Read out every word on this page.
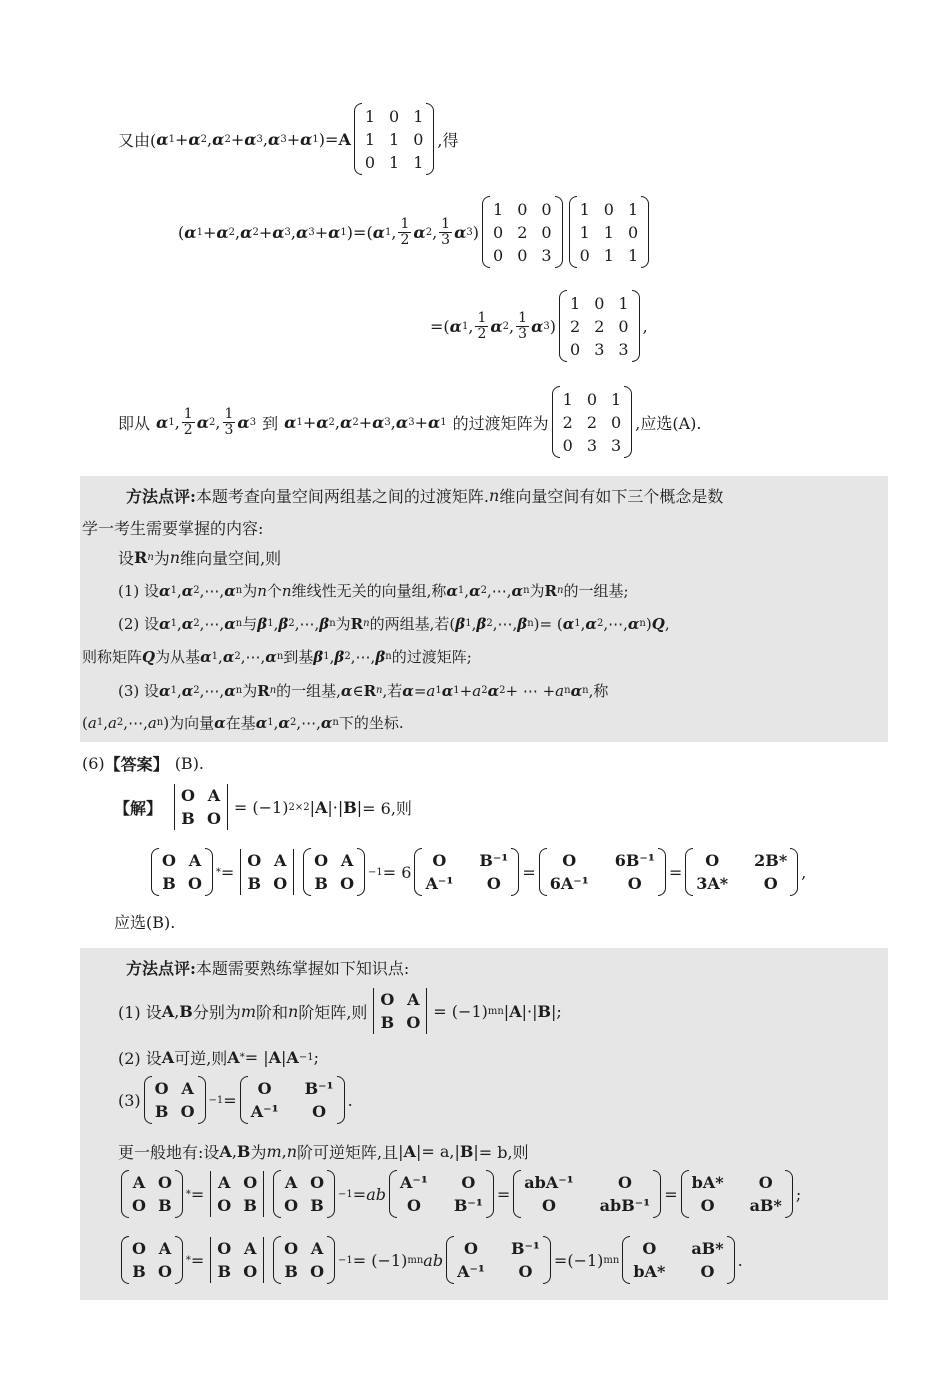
又由( α 1 + α 2 , α 2 + α 3 , α 3 + α 1 )= A
1 0 1
1 1 0
0 1 1
,得
( α 1 + α 2 , α 2 + α 3 , α 3 + α 1 )= ( α 1 , $\frac{1}{2}$ α 2 , $\frac{1}{3}$ α 3 )
1 0 0
0 2 0
0 0 3
1 0 1
1 1 0
0 1 1
= ( α 1 , $\frac{1}{2}$ α 2 , $\frac{1}{3}$ α 3 )
1 0 1
2 2 0
0 3 3
,
即从 α 1 , $\frac{1}{2}$ α 2 , $\frac{1}{3}$ α 3 到 α 1 + α 2 , α 2 + α 3 , α 3 + α 1 的过渡矩阵为
1 0 1
2 2 0
0 3 3
,应选(A).
方法点评: 本题考查向量空间两组基之间的过渡矩阵. n 维向量空间有如下三个概念是数
学一考生需要掌握的内容:
设 R n 为 n 维向量空间,则
(1) 设 α 1 , α 2 ,⋯, α n 为 n 个 n 维线性无关的向量组,称 α 1 , α 2 ,⋯, α n 为 R n 的一组基;
(2) 设 α 1 , α 2 ,⋯, α n 与 β 1 , β 2 ,⋯, β n 为 R n 的两组基,若( β 1 , β 2 ,⋯, β n )= ( α 1 , α 2 ,⋯, α n ) Q ,
则称矩阵 Q 为从基 α 1 , α 2 ,⋯, α n 到基 β 1 , β 2 ,⋯, β n 的过渡矩阵;
(3) 设 α 1 , α 2 ,⋯, α n 为 R n 的一组基, α ∈ R n ,若 α = a 1 α 1 + a 2 α 2 + ⋯ + a n α n ,称
( a 1 , a 2 ,⋯, a n ) 为向量 α 在基 α 1 , α 2 ,⋯, α n 下的坐标.
(6) 【答案】 (B).
【解】
O A
B O
= (−1) 2×2 | A |·| B | = 6,则
O A
B O
* =
O A
B O
O A
B O
−1 = 6
O	B⁻¹
A⁻¹	O
=
O	6B⁻¹
6A⁻¹	O
=
O	2B*
3A*	O
,
应选(B).
方法点评: 本题需要熟练掌握如下知识点:
(1) 设 A , B 分别为 m 阶和 n 阶矩阵,则
O A
B O
= (−1) mn | A |·| B |;
(2) 设 A 可逆,则 A * = | A | A −1 ;
(3)
O A
B O
−1 =
O	B⁻¹
A⁻¹	O
.
更一般地有:设 A , B 为 m , n 阶可逆矩阵,且 | A | = a, | B | = b,则
A O
O B
* =
A O
O B
A O
O B
−1 = ab
A⁻¹	O
O	B⁻¹
=
abA⁻¹	O
O	abB⁻¹
=
bA*	O
O	aB*
;
O A
B O
* =
O A
B O
O A
B O
−1 = (−1) mn ab
O	B⁻¹
A⁻¹	O
=(−1) mn
O	aB*
bA*	O
.
